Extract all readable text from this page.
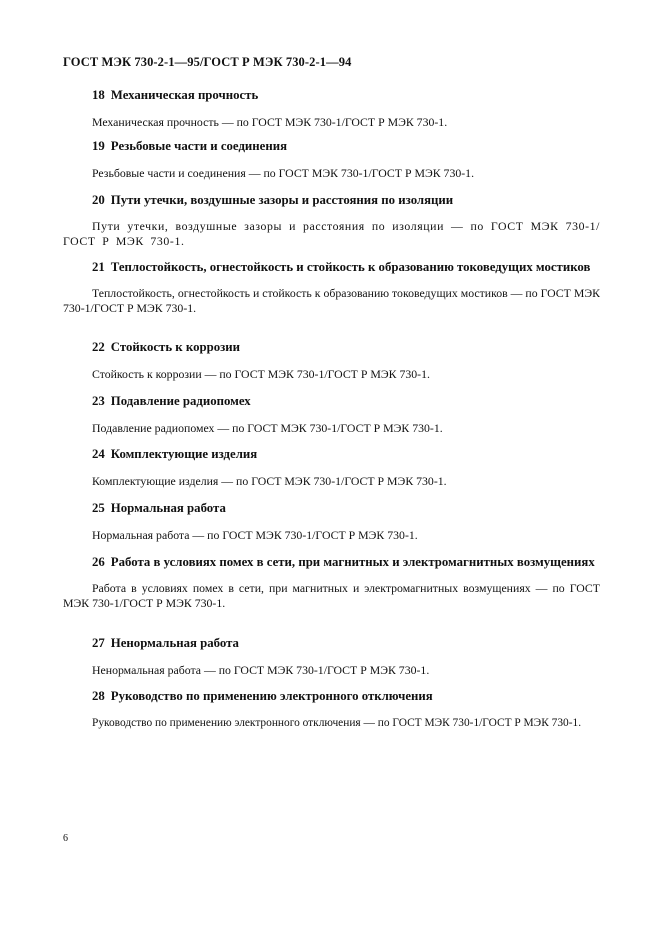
ГОСТ МЭК 730-2-1—95/ГОСТ Р МЭК 730-2-1—94

18 Механическая прочность

Механическая прочность — по ГОСТ МЭК 730-1/ГОСТ Р МЭК 730-1.

19 Резьбовые части и соединения

Резьбовые части и соединения — по ГОСТ МЭК 730-1/ГОСТ Р МЭК 730-1.

20 Пути утечки, воздушные зазоры и расстояния по изоляции

Пути утечки, воздушные зазоры и расстояния по изоляции — по ГОСТ МЭК 730-1/ГОСТ Р МЭК 730-1.

21 Теплостойкость, огнестойкость и стойкость к образованию токоведущих мостиков

Теплостойкость, огнестойкость и стойкость к образованию токоведущих мостиков — по ГОСТ МЭК 730-1/ГОСТ Р МЭК 730-1.

22 Стойкость к коррозии

Стойкость к коррозии — по ГОСТ МЭК 730-1/ГОСТ Р МЭК 730-1.

23 Подавление радиопомех

Подавление радиопомех — по ГОСТ МЭК 730-1/ГОСТ Р МЭК 730-1.

24 Комплектующие изделия

Комплектующие изделия — по ГОСТ МЭК 730-1/ГОСТ Р МЭК 730-1.

25 Нормальная работа

Нормальная работа — по ГОСТ МЭК 730-1/ГОСТ Р МЭК 730-1.

26 Работа в условиях помех в сети, при магнитных и электромагнитных возмущениях

Работа в условиях помех в сети, при магнитных и электромагнитных возмущениях — по ГОСТ МЭК 730-1/ГОСТ Р МЭК 730-1.

27 Ненормальная работа

Ненормальная работа — по ГОСТ МЭК 730-1/ГОСТ Р МЭК 730-1.

28 Руководство по применению электронного отключения

Руководство по применению электронного отключения — по ГОСТ МЭК 730-1/ГОСТ Р МЭК 730-1.

6
